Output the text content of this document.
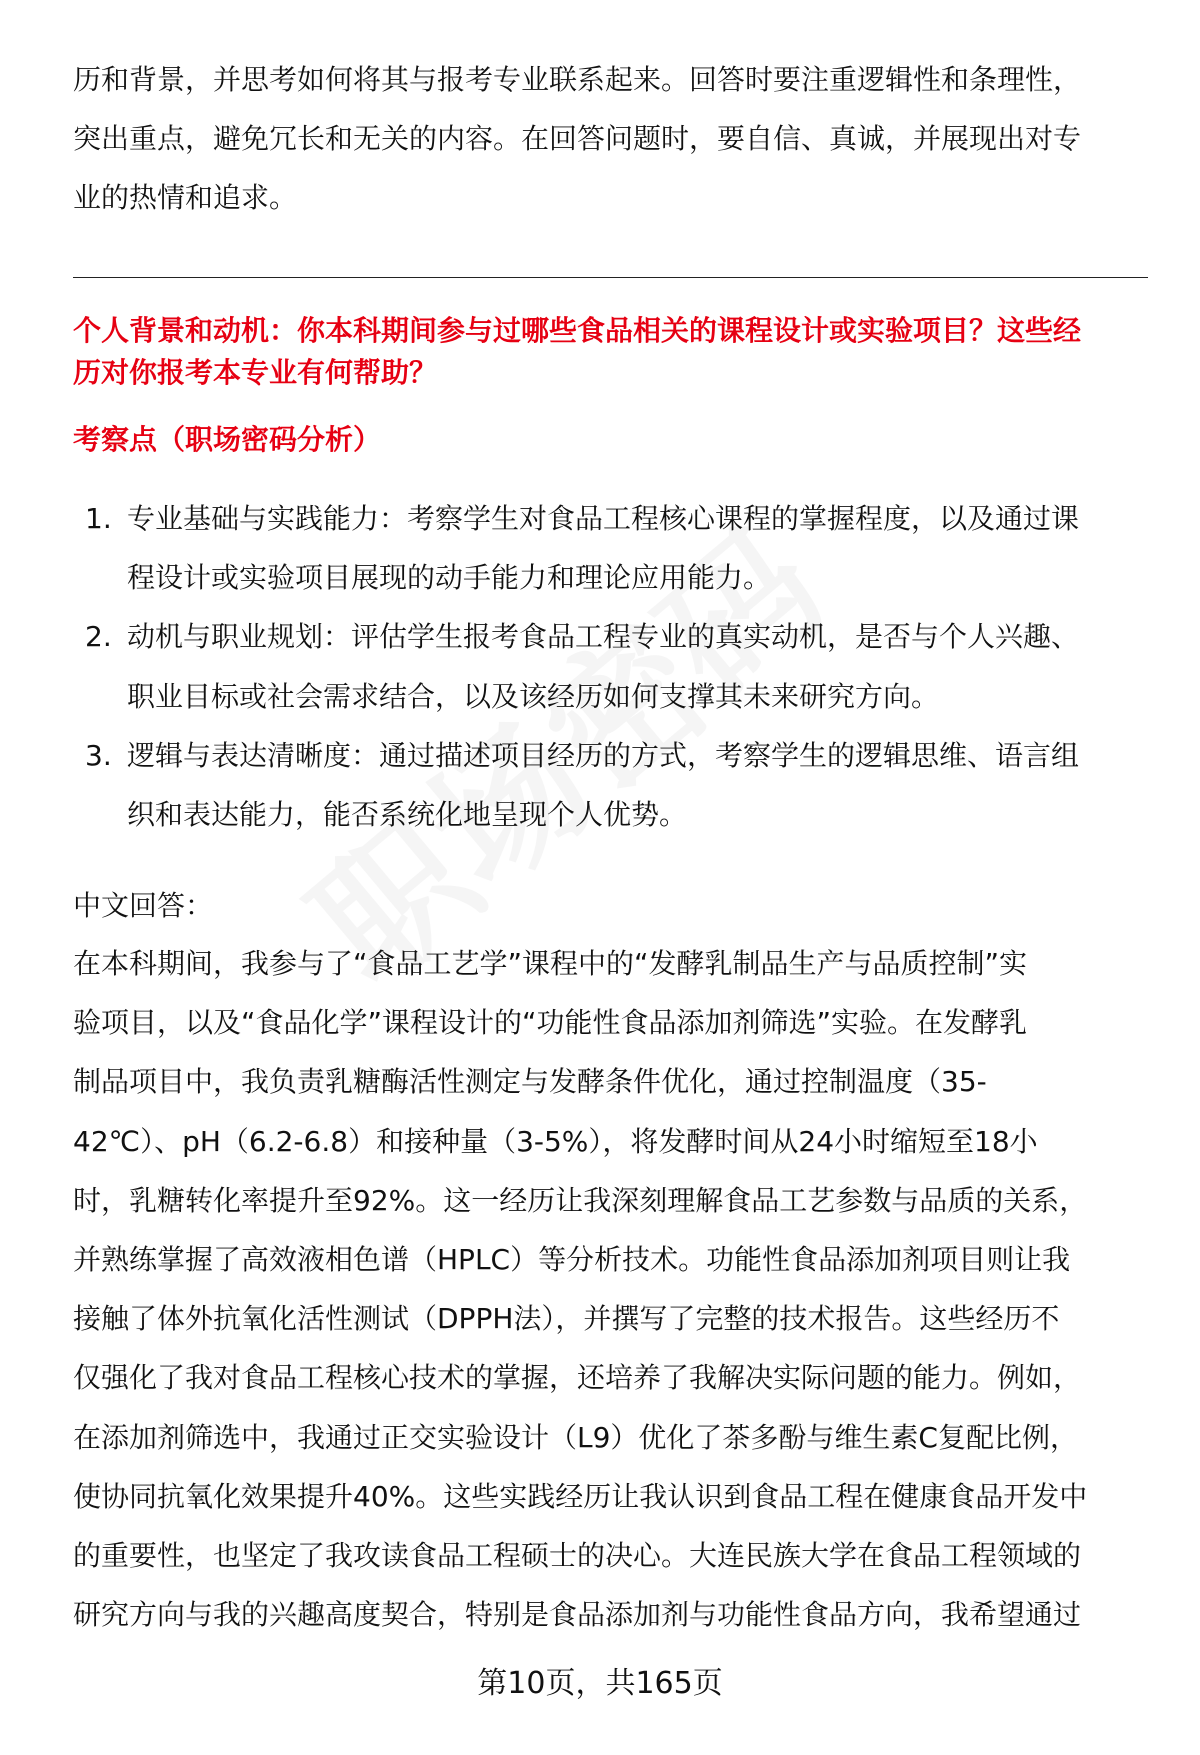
历和背景，并思考如何将其与报考专业联系起来。回答时要注重逻辑性和条理性，
突出重点，避免冗长和无关的内容。在回答问题时，要自信、真诚，并展现出对专
业的热情和追求。
个人背景和动机：你本科期间参与过哪些食品相关的课程设计或实验项目？这些经
历对你报考本专业有何帮助？
考察点（职场密码分析）
1. 专业基础与实践能力：考察学生对食品工程核心课程的掌握程度，以及通过课
程设计或实验项目展现的动手能力和理论应用能力。
2. 动机与职业规划：评估学生报考食品工程专业的真实动机，是否与个人兴趣、
职业目标或社会需求结合，以及该经历如何支撑其未来研究方向。
3. 逻辑与表达清晰度：通过描述项目经历的方式，考察学生的逻辑思维、语言组
织和表达能力，能否系统化地呈现个人优势。
中文回答：
在本科期间，我参与了“食品工艺学”课程中的“发酵乳制品生产与品质控制”实
验项目，以及“食品化学”课程设计的“功能性食品添加剂筛选”实验。在发酵乳
制品项目中，我负责乳糖酶活性测定与发酵条件优化，通过控制温度（35-
42℃）、pH（6.2-6.8）和接种量（3-5%），将发酵时间从24小时缩短至18小
时，乳糖转化率提升至92%。这一经历让我深刻理解食品工艺参数与品质的关系，
并熟练掌握了高效液相色谱（HPLC）等分析技术。功能性食品添加剂项目则让我
接触了体外抗氧化活性测试（DPPH法），并撰写了完整的技术报告。这些经历不
仅强化了我对食品工程核心技术的掌握，还培养了我解决实际问题的能力。例如，
在添加剂筛选中，我通过正交实验设计（L9）优化了茶多酚与维生素C复配比例，
使协同抗氧化效果提升40%。这些实践经历让我认识到食品工程在健康食品开发中
的重要性，也坚定了我攻读食品工程硕士的决心。大连民族大学在食品工程领域的
研究方向与我的兴趣高度契合，特别是食品添加剂与功能性食品方向，我希望通过
第10页，共165页
